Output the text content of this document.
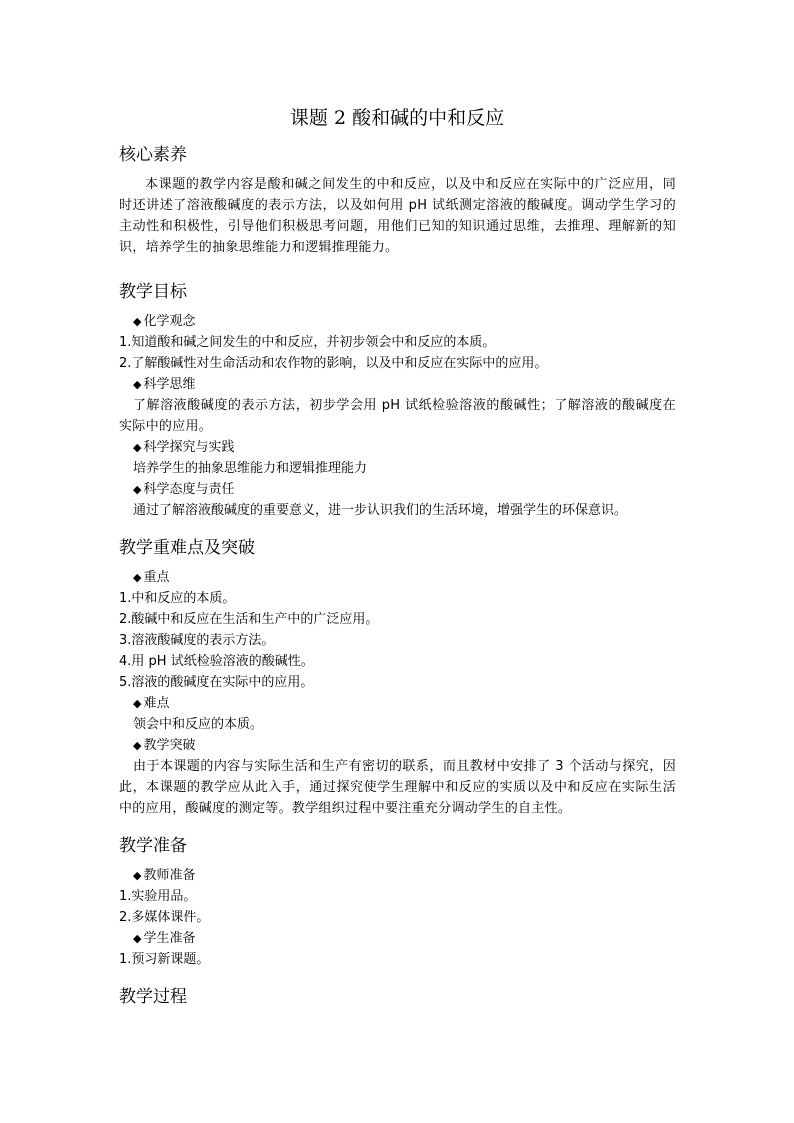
课题 2 酸和碱的中和反应
核心素养

本课题的教学内容是酸和碱之间发生的中和反应，以及中和反应在实际中的广泛应用，同时还讲述了溶液酸碱度的表示方法，以及如何用 pH 试纸测定溶液的酸碱度。调动学生学习的主动性和积极性，引导他们积极思考问题，用他们已知的知识通过思维，去推理、理解新的知识，培养学生的抽象思维能力和逻辑推理能力。

教学目标

◆ 化学观念

1.知道酸和碱之间发生的中和反应，并初步领会中和反应的本质。

2.了解酸碱性对生命活动和农作物的影响，以及中和反应在实际中的应用。

◆ 科学思维

了解溶液酸碱度的表示方法，初步学会用 pH 试纸检验溶液的酸碱性；了解溶液的酸碱度在实际中的应用。

◆ 科学探究与实践

培养学生的抽象思维能力和逻辑推理能力

◆ 科学态度与责任

通过了解溶液酸碱度的重要意义，进一步认识我们的生活环境，增强学生的环保意识。

教学重难点及突破

◆ 重点

1.中和反应的本质。

2.酸碱中和反应在生活和生产中的广泛应用。

3.溶液酸碱度的表示方法。

4.用 pH 试纸检验溶液的酸碱性。

5.溶液的酸碱度在实际中的应用。

◆ 难点

领会中和反应的本质。

◆ 教学突破

由于本课题的内容与实际生活和生产有密切的联系，而且教材中安排了 3 个活动与探究，因此，本课题的教学应从此入手，通过探究使学生理解中和反应的实质以及中和反应在实际生活中的应用，酸碱度的测定等。教学组织过程中要注重充分调动学生的自主性。

教学准备

◆ 教师准备

1.实验用品。

2.多媒体课件。

◆ 学生准备

1.预习新课题。

教学过程
